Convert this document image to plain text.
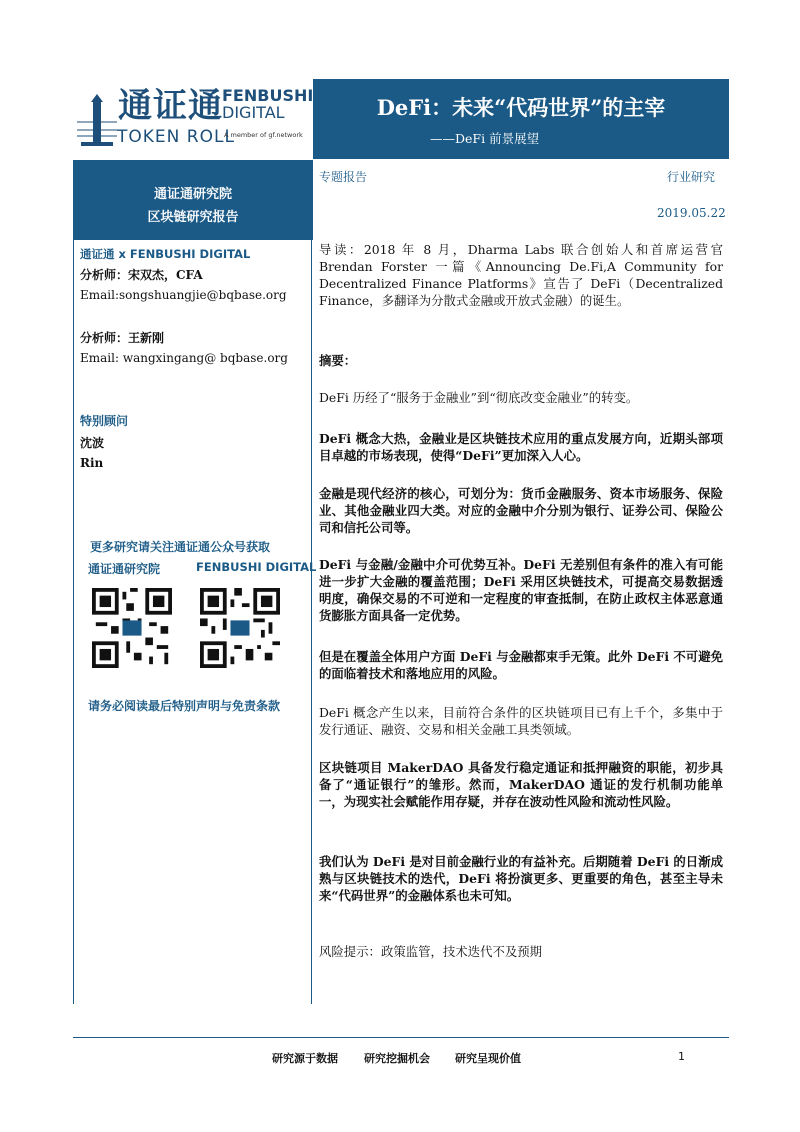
通证通 FENBUSHI
DIGITAL
TOKEN ROLL
A member of gf.network
DeFi：未来“代码世界”的主宰
——DeFi 前景展望
通证通研究院
区块链研究报告
通证通 x FENBUSHI DIGITAL
分析师：宋双杰，CFA
Email:songshuangjie@bqbase.org
分析师：王新刚
Email: wangxingang@ bqbase.org
特别顾问
沈波
Rin
更多研究请关注通证通公众号获取
通证通研究院	FENBUSHI DIGITAL
请务必阅读最后特别声明与免责条款
专题报告	行业研究
2019.05.22
导读：2018 年 8 月，Dharma Labs 联合创始人和首席运营官 Brendan Forster 一篇《Announcing De.Fi,A Community for Decentralized Finance Platforms》宣告了 DeFi（Decentralized Finance，多翻译为分散式金融或开放式金融）的诞生。
摘要：
DeFi 历经了“服务于金融业”到“彻底改变金融业”的转变。
DeFi 概念大热，金融业是区块链技术应用的重点发展方向，近期头部项目卓越的市场表现，使得“DeFi”更加深入人心。
金融是现代经济的核心，可划分为：货币金融服务、资本市场服务、保险业、其他金融业四大类。对应的金融中介分别为银行、证券公司、保险公司和信托公司等。
DeFi 与金融/金融中介可优势互补。DeFi 无差别但有条件的准入有可能进一步扩大金融的覆盖范围；DeFi 采用区块链技术，可提高交易数据透明度，确保交易的不可逆和一定程度的审查抵制，在防止政权主体恶意通货膨胀方面具备一定优势。
但是在覆盖全体用户方面 DeFi 与金融都束手无策。此外 DeFi 不可避免的面临着技术和落地应用的风险。
DeFi 概念产生以来，目前符合条件的区块链项目已有上千个，多集中于发行通证、融资、交易和相关金融工具类领域。
区块链项目 MakerDAO 具备发行稳定通证和抵押融资的职能，初步具备了“通证银行”的雏形。然而，MakerDAO 通证的发行机制功能单一，为现实社会赋能作用存疑，并存在波动性风险和流动性风险。
我们认为 DeFi 是对目前金融行业的有益补充。后期随着 DeFi 的日渐成熟与区块链技术的迭代，DeFi 将扮演更多、更重要的角色，甚至主导未来“代码世界”的金融体系也未可知。
风险提示：政策监管，技术迭代不及预期
研究源于数据 研究挖掘机会 研究呈现价值	1
